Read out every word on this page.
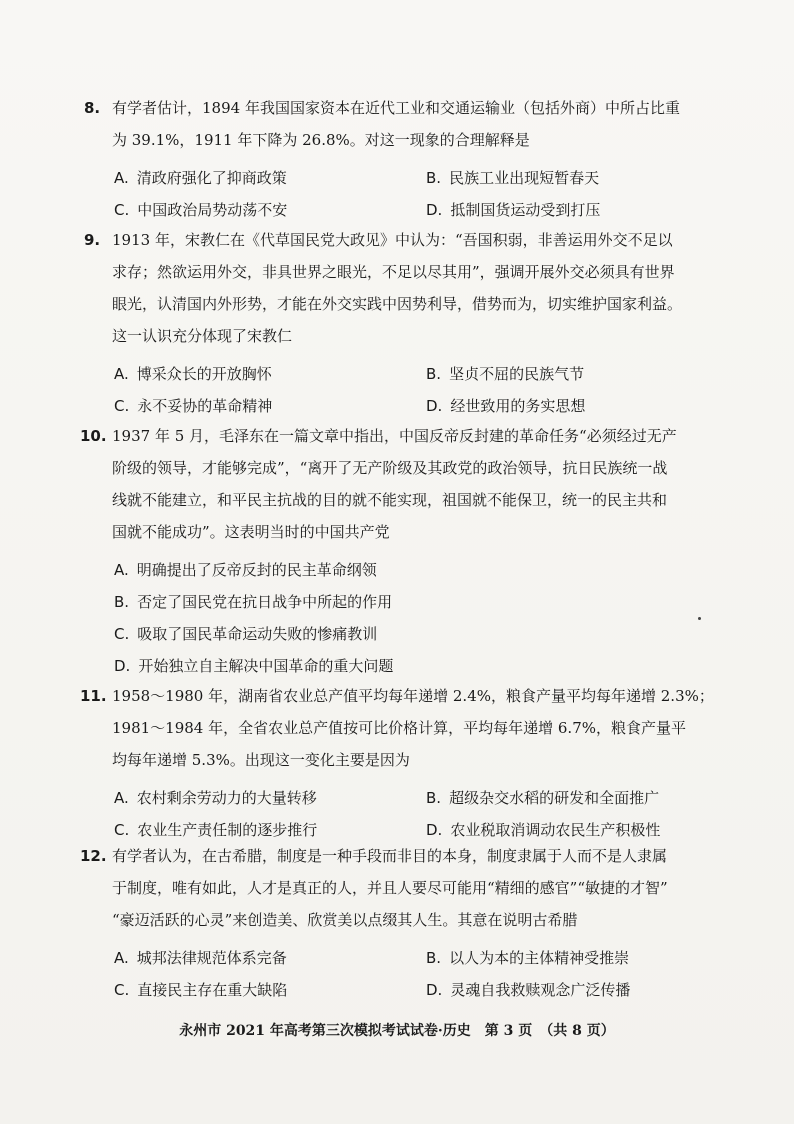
8. 有学者估计，1894 年我国国家资本在近代工业和交通运输业（包括外商）中所占比重
为 39.1%，1911 年下降为 26.8%。对这一现象的合理解释是
A. 清政府强化了抑商政策	B. 民族工业出现短暂春天
C. 中国政治局势动荡不安	D. 抵制国货运动受到打压
9. 1913 年，宋教仁在《代草国民党大政见》中认为：“吾国积弱，非善运用外交不足以
求存；然欲运用外交，非具世界之眼光，不足以尽其用”，强调开展外交必须具有世界
眼光，认清国内外形势，才能在外交实践中因势利导，借势而为，切实维护国家利益。
这一认识充分体现了宋教仁
A. 博采众长的开放胸怀	B. 坚贞不屈的民族气节
C. 永不妥协的革命精神	D. 经世致用的务实思想
10. 1937 年 5 月，毛泽东在一篇文章中指出，中国反帝反封建的革命任务“必须经过无产
阶级的领导，才能够完成”，“离开了无产阶级及其政党的政治领导，抗日民族统一战
线就不能建立，和平民主抗战的目的就不能实现，祖国就不能保卫，统一的民主共和
国就不能成功”。这表明当时的中国共产党
A. 明确提出了反帝反封的民主革命纲领
B. 否定了国民党在抗日战争中所起的作用
C. 吸取了国民革命运动失败的惨痛教训
D. 开始独立自主解决中国革命的重大问题
11. 1958～1980 年，湖南省农业总产值平均每年递增 2.4%，粮食产量平均每年递增 2.3%；
1981～1984 年，全省农业总产值按可比价格计算，平均每年递增 6.7%，粮食产量平
均每年递增 5.3%。出现这一变化主要是因为
A. 农村剩余劳动力的大量转移	B. 超级杂交水稻的研发和全面推广
C. 农业生产责任制的逐步推行	D. 农业税取消调动农民生产积极性
12. 有学者认为，在古希腊，制度是一种手段而非目的本身，制度隶属于人而不是人隶属
于制度，唯有如此，人才是真正的人，并且人要尽可能用“精细的感官”“敏捷的才智”
“豪迈活跃的心灵”来创造美、欣赏美以点缀其人生。其意在说明古希腊
A. 城邦法律规范体系完备	B. 以人为本的主体精神受推崇
C. 直接民主存在重大缺陷	D. 灵魂自我救赎观念广泛传播
永州市 2021 年高考第三次模拟考试试卷·历史　第 3 页　（共 8 页）
